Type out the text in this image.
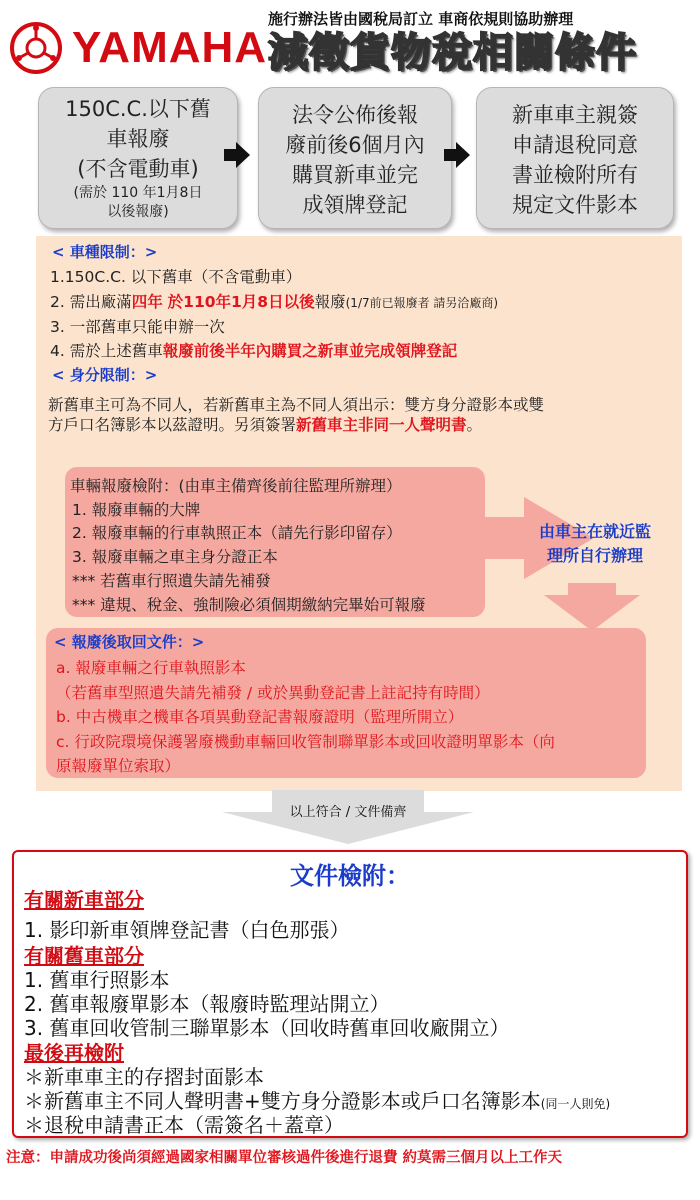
YAMAHA
施行辦法皆由國稅局訂立 車商依規則協助辦理
減徵貨物稅相關條件
150C.C.以下舊
車報廢
(不含電動車)
(需於 110 年1月8日
以後報廢)
法令公佈後報
廢前後6個月內
購買新車並完
成領牌登記
新車車主親簽
申請退稅同意
書並檢附所有
規定文件影本
< 車種限制：>
1.150C.C. 以下舊車（不含電動車）
2. 需出廠滿四年 於110年1月8日以後報廢(1/7前已報廢者 請另洽廠商)
3. 一部舊車只能申辦一次
4. 需於上述舊車報廢前後半年內購買之新車並完成領牌登記
< 身分限制：>
新舊車主可為不同人，若新舊車主為不同人須出示：雙方身分證影本或雙
方戶口名簿影本以茲證明。另須簽署新舊車主非同一人聲明書。
車輛報廢檢附：(由車主備齊後前往監理所辦理）
1. 報廢車輛的大牌
2. 報廢車輛的行車執照正本（請先行影印留存）
3. 報廢車輛之車主身分證正本
*** 若舊車行照遺失請先補發
*** 違規、稅金、強制險必須個期繳納完畢始可報廢
由車主在就近監
理所自行辦理
< 報廢後取回文件：>
a. 報廢車輛之行車執照影本
（若舊車型照遺失請先補發 / 或於異動登記書上註記持有時間）
b. 中古機車之機車各項異動登記書報廢證明（監理所開立）
c. 行政院環境保護署廢機動車輛回收管制聯單影本或回收證明單影本（向
原報廢單位索取）
以上符合 / 文件備齊
文件檢附：
有關新車部分
1. 影印新車領牌登記書（白色那張）
有關舊車部分
1. 舊車行照影本
2. 舊車報廢單影本（報廢時監理站開立）
3. 舊車回收管制三聯單影本（回收時舊車回收廠開立）
最後再檢附
＊新車車主的存摺封面影本
＊新舊車主不同人聲明書+雙方身分證影本或戶口名簿影本(同一人則免)
＊退稅申請書正本（需簽名＋蓋章）
注意：申請成功後尚須經過國家相關單位審核過件後進行退費 約莫需三個月以上工作天
